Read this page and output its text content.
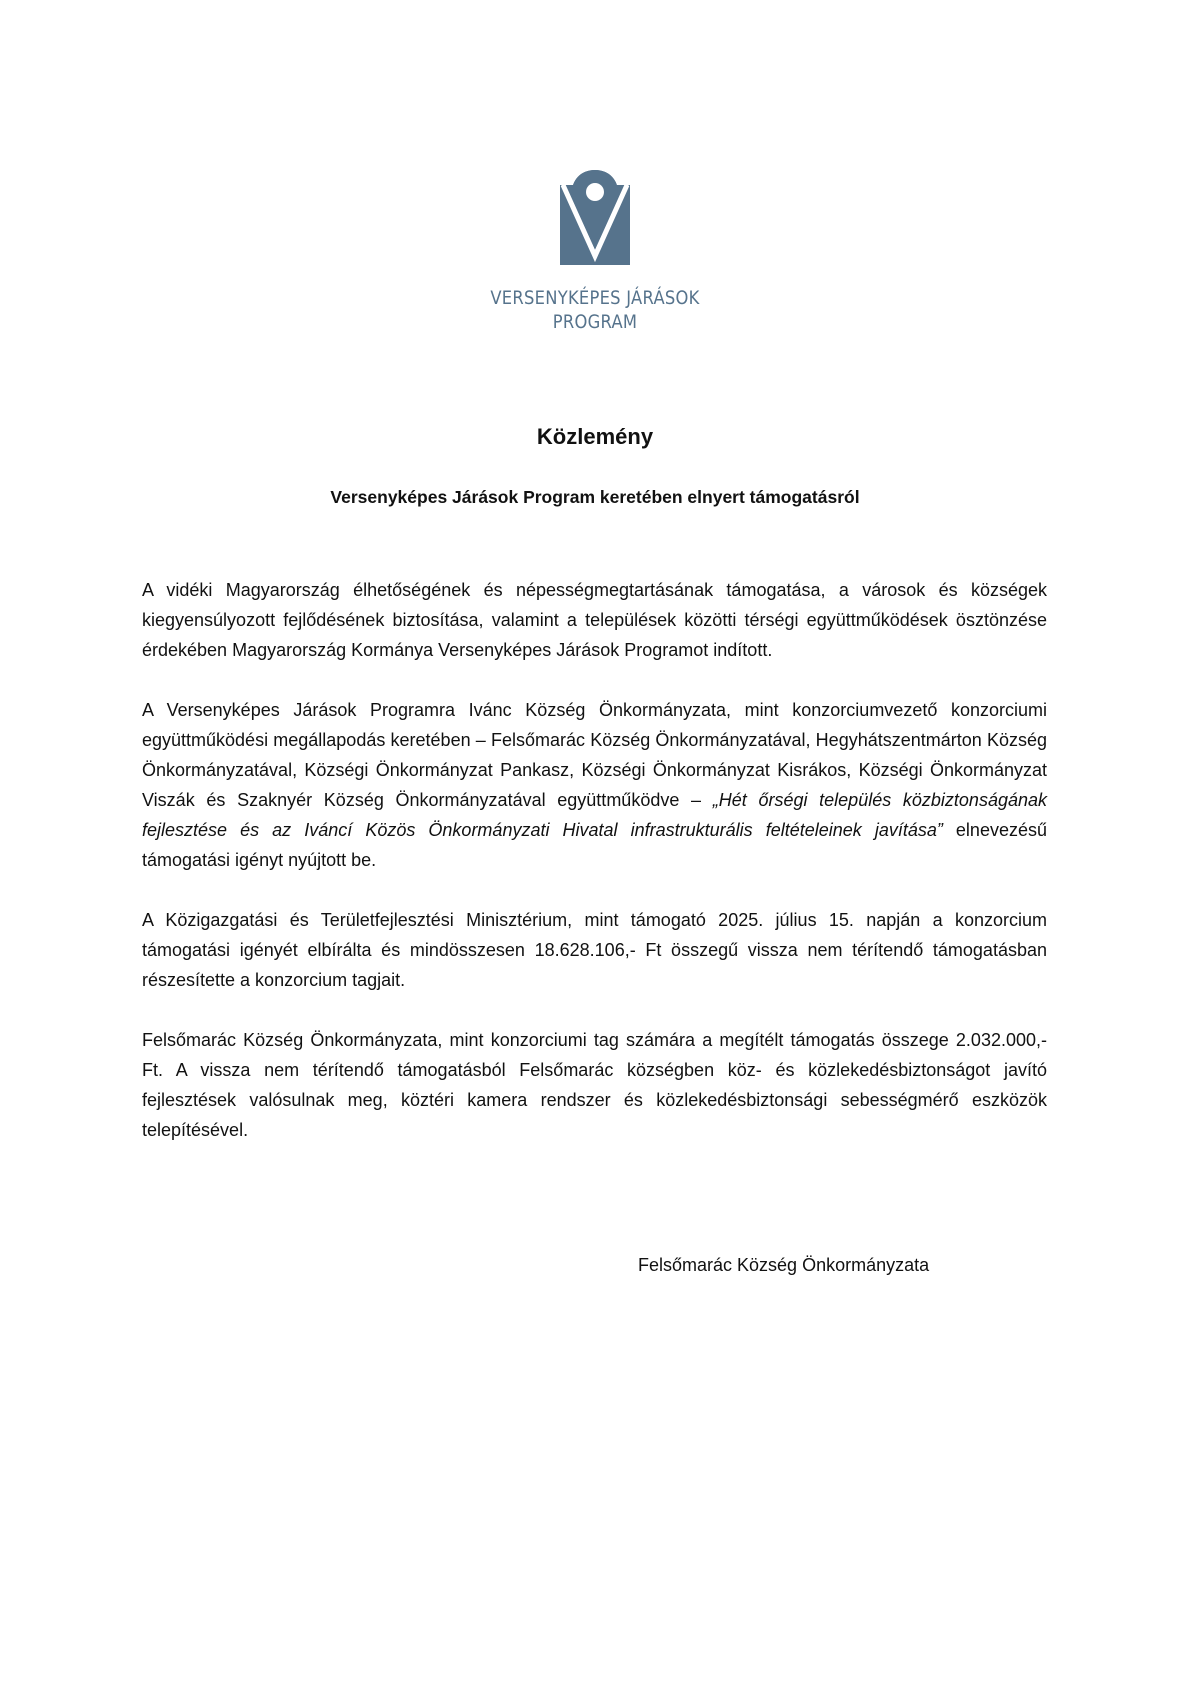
VERSENYKÉPES JÁRÁSOK
PROGRAM
Közlemény
Versenyképes Járások Program keretében elnyert támogatásról

A vidéki Magyarország élhetőségének és népességmegtartásának támogatása, a városok és községek kiegyensúlyozott fejlődésének biztosítása, valamint a települések közötti térségi együttműködések ösztönzése érdekében Magyarország Kormánya Versenyképes Járások Programot indított.

A Versenyképes Járások Programra Ivánc Község Önkormányzata, mint konzorciumvezető konzorciumi együttműködési megállapodás keretében – Felsőmarác Község Önkormányzatával, Hegyhátszentmárton Község Önkormányzatával, Községi Önkormányzat Pankasz, Községi Önkormányzat Kisrákos, Községi Önkormányzat Viszák és Szaknyér Község Önkormányzatával együttműködve – „Hét őrségi település közbiztonságának fejlesztése és az Iváncí Közös Önkormányzati Hivatal infrastrukturális feltételeinek javítása” elnevezésű támogatási igényt nyújtott be.

A Közigazgatási és Területfejlesztési Minisztérium, mint támogató 2025. július 15. napján a konzorcium támogatási igényét elbírálta és mindösszesen 18.628.106,- Ft összegű vissza nem térítendő támogatásban részesítette a konzorcium tagjait.

Felsőmarác Község Önkormányzata, mint konzorciumi tag számára a megítélt támogatás összege 2.032.000,- Ft. A vissza nem térítendő támogatásból Felsőmarác községben köz- és közlekedésbiztonságot javító fejlesztések valósulnak meg, köztéri kamera rendszer és közlekedésbiztonsági sebességmérő eszközök telepítésével.

Felsőmarác Község Önkormányzata
